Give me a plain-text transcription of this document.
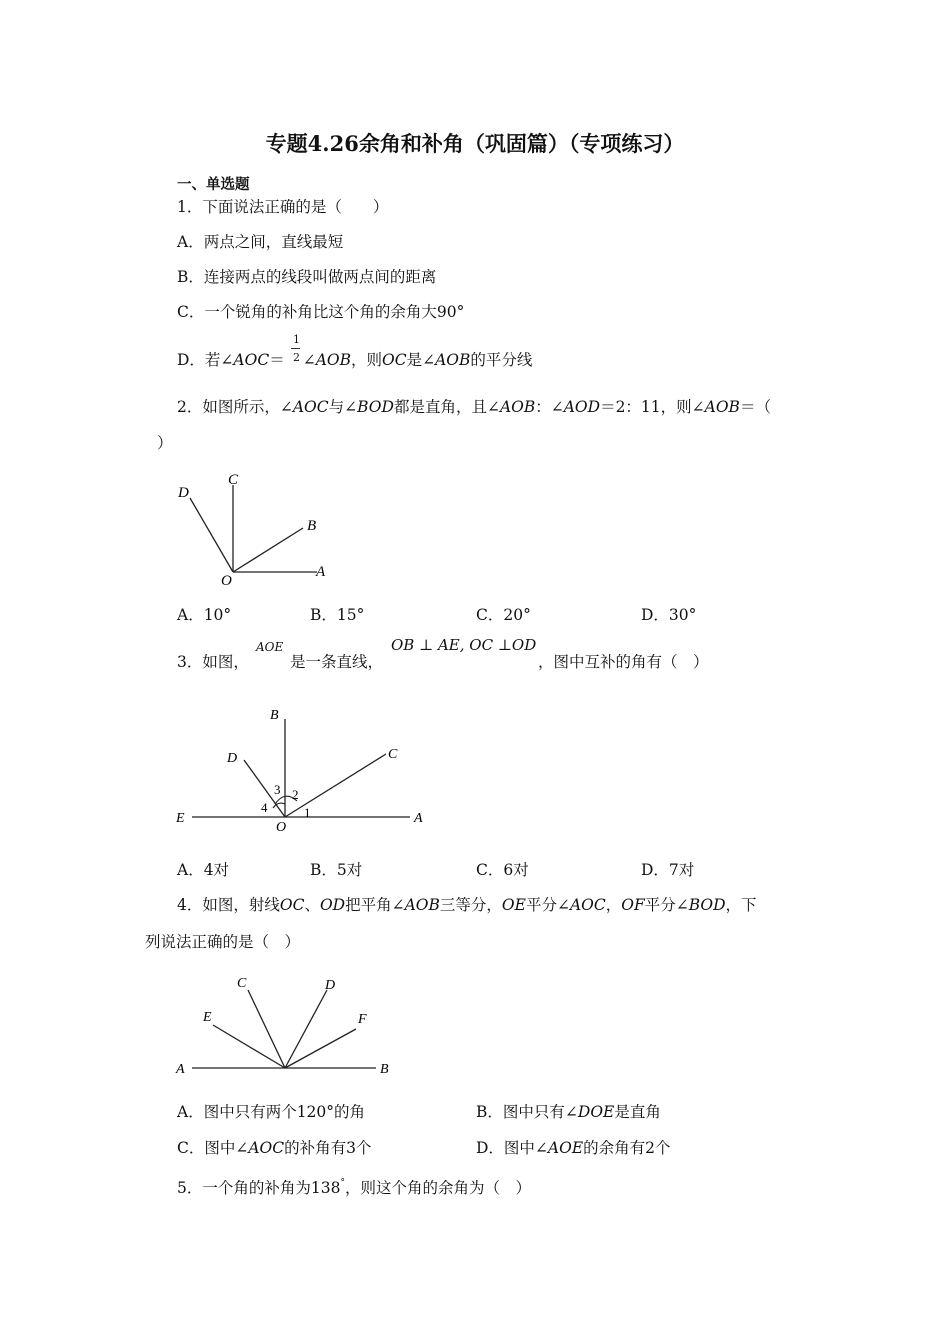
专题4.26余角和补角（巩固篇）（专项练习）
一、单选题
1．下面说法正确的是（　　）
A．两点之间，直线最短
B．连接两点的线段叫做两点间的距离
C．一个锐角的补角比这个角的余角大90°
D．若∠AOC＝ ∠AOB，则OC是∠AOB的平分线
1
2
2．如图所示，∠AOC与∠BOD都是直角，且∠AOB：∠AOD＝2：11，则∠AOB＝（
）
D
C
B
O
A
A．10°	B．15°	C．20°	D．30°
3．如图，
AOE
是一条直线，
OB ⊥ AE, OC ⊥OD
，图中互补的角有（　）
B
D	C
E
O
A
1
2
3
4
A．4对	B．5对	C．6对	D．7对
4．如图，射线OC、OD把平角∠AOB三等分，OE平分∠AOC，OF平分∠BOD，下
列说法正确的是（　）
C	D
E	F
A	B
A．图中只有两个120°的角	B．图中只有∠DOE是直角
C．图中∠AOC的补角有3个	D．图中∠AOE的余角有2个
5．一个角的补角为138°，则这个角的余角为（　）
